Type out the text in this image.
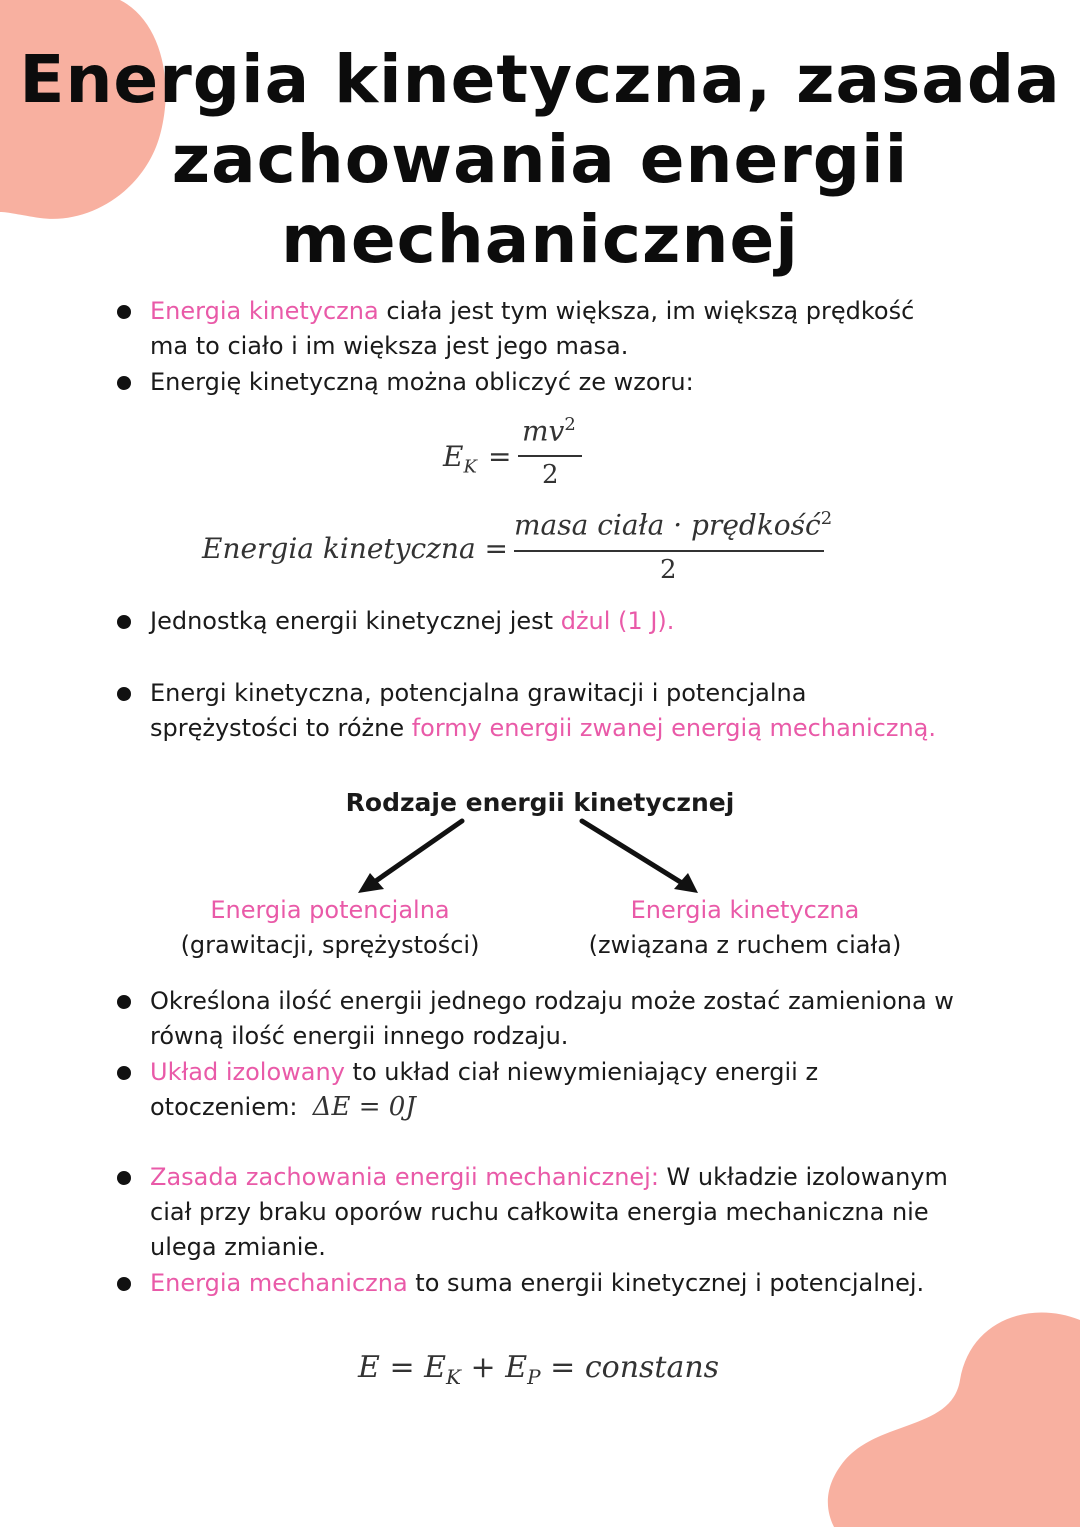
Energia kinetyczna, zasada
zachowania energii
mechanicznej
Energia kinetyczna ciała jest tym większa, im większą prędkość
ma to ciało i im większa jest jego masa.
Energię kinetyczną można obliczyć ze wzoru:
$E_K$ =
$mv^2$
2
Energia kinetyczna =
masa ciała · prędkość$^2$
2
Jednostką energii kinetycznej jest dżul (1 J).
Energi kinetyczna, potencjalna grawitacji i potencjalna
sprężystości to różne formy energii zwanej energią mechaniczną.
Rodzaje energii kinetycznej
Energia potencjalna
(grawitacji, sprężystości)
Energia kinetyczna
(związana z ruchem ciała)
Określona ilość energii jednego rodzaju może zostać zamieniona w
równą ilość energii innego rodzaju.
Układ izolowany to układ ciał niewymieniający energii z
otoczeniem: ΔE = 0J
Zasada zachowania energii mechanicznej: W układzie izolowanym
ciał przy braku oporów ruchu całkowita energia mechaniczna nie
ulega zmianie.
Energia mechaniczna to suma energii kinetycznej i potencjalnej.
$E = E_K + E_P$ = constans
